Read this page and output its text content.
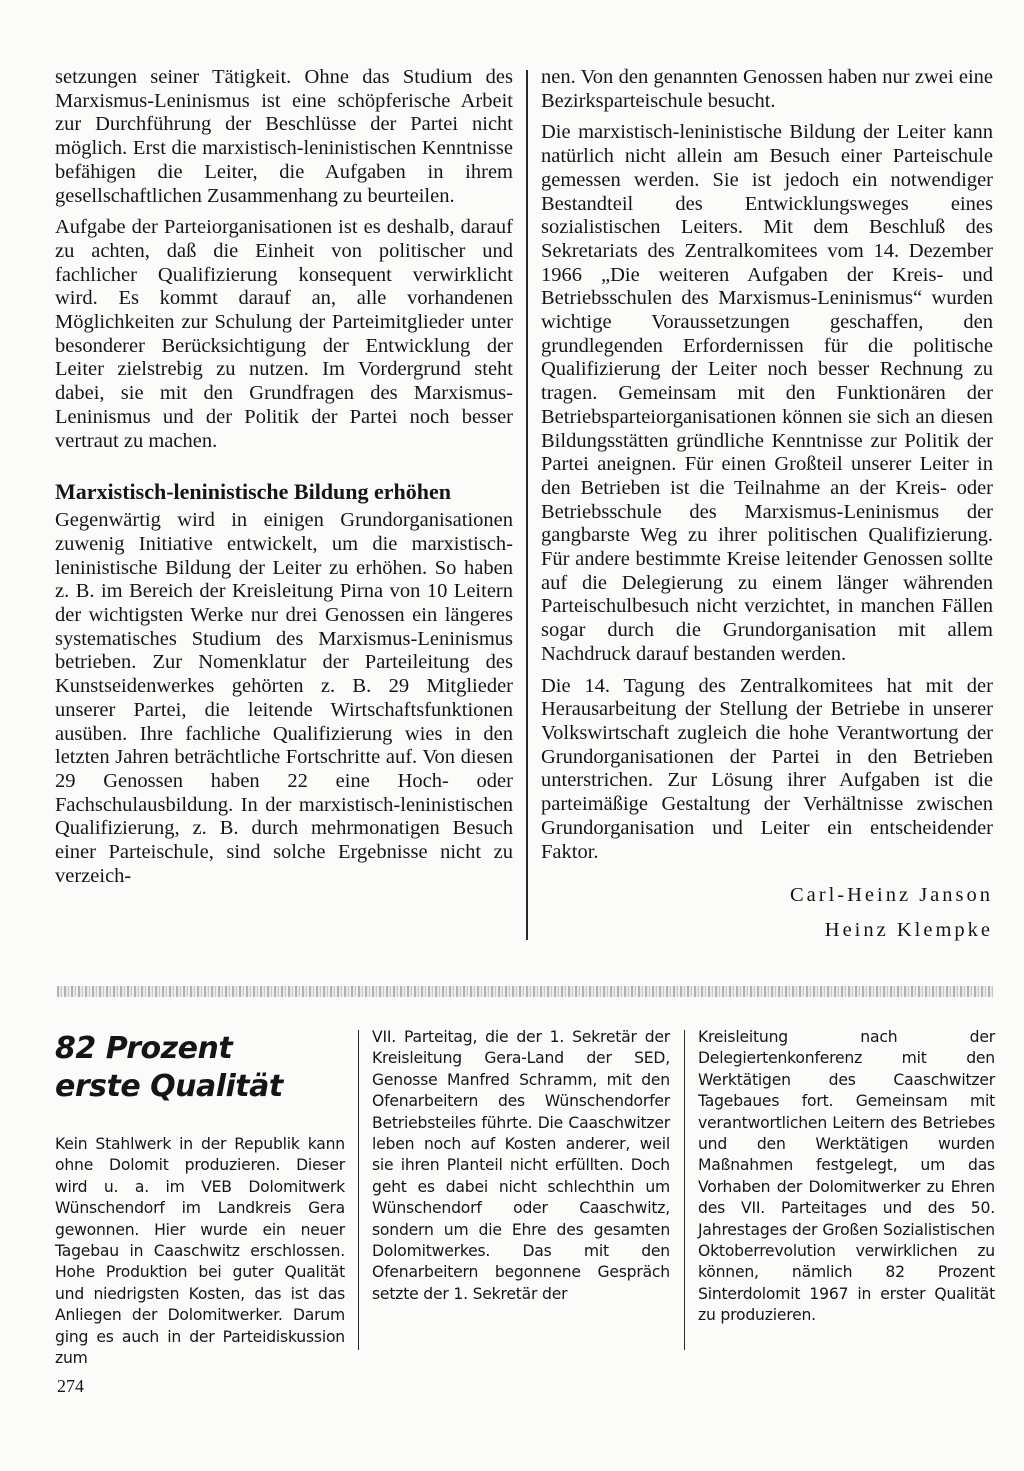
setzungen seiner Tätigkeit. Ohne das Studium des Marxismus-Leninismus ist eine schöpferische Arbeit zur Durchführung der Beschlüsse der Partei nicht möglich. Erst die marxistisch-leninistischen Kenntnisse befähigen die Leiter, die Aufgaben in ihrem gesellschaftlichen Zusammenhang zu beurteilen.

Aufgabe der Parteiorganisationen ist es deshalb, darauf zu achten, daß die Einheit von politischer und fachlicher Qualifizierung konsequent verwirklicht wird. Es kommt darauf an, alle vorhandenen Möglichkeiten zur Schulung der Parteimitglieder unter besonderer Berücksichtigung der Entwicklung der Leiter zielstrebig zu nutzen. Im Vordergrund steht dabei, sie mit den Grundfragen des Marxismus-Leninismus und der Politik der Partei noch besser vertraut zu machen.

Marxistisch-leninistische Bildung erhöhen

Gegenwärtig wird in einigen Grundorganisationen zuwenig Initiative entwickelt, um die marxistisch-leninistische Bildung der Leiter zu erhöhen. So haben z. B. im Bereich der Kreisleitung Pirna von 10 Leitern der wichtigsten Werke nur drei Genossen ein längeres systematisches Studium des Marxismus-Leninismus betrieben. Zur Nomenklatur der Parteileitung des Kunstseidenwerkes gehörten z. B. 29 Mitglieder unserer Partei, die leitende Wirtschaftsfunktionen ausüben. Ihre fachliche Qualifizierung wies in den letzten Jahren beträchtliche Fortschritte auf. Von diesen 29 Genossen haben 22 eine Hoch- oder Fachschulausbildung. In der marxistisch-leninistischen Qualifizierung, z. B. durch mehrmonatigen Besuch einer Parteischule, sind solche Ergebnisse nicht zu verzeich-

nen. Von den genannten Genossen haben nur zwei eine Bezirksparteischule besucht.

Die marxistisch-leninistische Bildung der Leiter kann natürlich nicht allein am Besuch einer Parteischule gemessen werden. Sie ist jedoch ein notwendiger Bestandteil des Entwicklungsweges eines sozialistischen Leiters. Mit dem Beschluß des Sekretariats des Zentralkomitees vom 14. Dezember 1966 „Die weiteren Aufgaben der Kreis- und Betriebsschulen des Marxismus-Leninismus“ wurden wichtige Voraussetzungen geschaffen, den grundlegenden Erfordernissen für die politische Qualifizierung der Leiter noch besser Rechnung zu tragen. Gemeinsam mit den Funktionären der Betriebsparteiorganisationen können sie sich an diesen Bildungsstätten gründliche Kenntnisse zur Politik der Partei aneignen. Für einen Großteil unserer Leiter in den Betrieben ist die Teilnahme an der Kreis- oder Betriebsschule des Marxismus-Leninismus der gangbarste Weg zu ihrer politischen Qualifizierung. Für andere bestimmte Kreise leitender Genossen sollte auf die Delegierung zu einem länger währenden Parteischulbesuch nicht verzichtet, in manchen Fällen sogar durch die Grundorganisation mit allem Nachdruck darauf bestanden werden.

Die 14. Tagung des Zentralkomitees hat mit der Herausarbeitung der Stellung der Betriebe in unserer Volkswirtschaft zugleich die hohe Verantwortung der Grundorganisationen der Partei in den Betrieben unterstrichen. Zur Lösung ihrer Aufgaben ist die parteimäßige Gestaltung der Verhältnisse zwischen Grundorganisation und Leiter ein entscheidender Faktor.

Carl-Heinz Janson

Heinz Klempke

82 Prozent
erste Qualität

Kein Stahlwerk in der Republik kann ohne Dolomit produzieren. Dieser wird u. a. im VEB Dolomitwerk Wünschendorf im Landkreis Gera gewonnen. Hier wurde ein neuer Tagebau in Caaschwitz erschlossen. Hohe Produktion bei guter Qualität und niedrigsten Kosten, das ist das Anliegen der Dolomitwerker. Darum ging es auch in der Parteidiskussion zum

VII. Parteitag, die der 1. Sekretär der Kreisleitung Gera-Land der SED, Genosse Manfred Schramm, mit den Ofenarbeitern des Wünschendorfer Betriebsteiles führte. Die Caaschwitzer leben noch auf Kosten anderer, weil sie ihren Planteil nicht erfüllten. Doch geht es dabei nicht schlechthin um Wünschendorf oder Caaschwitz, sondern um die Ehre des gesamten Dolomitwerkes. Das mit den Ofenarbeitern begonnene Gespräch setzte der 1. Sekretär der

Kreisleitung nach der Delegiertenkonferenz mit den Werktätigen des Caaschwitzer Tagebaues fort. Gemeinsam mit verantwortlichen Leitern des Betriebes und den Werktätigen wurden Maßnahmen festgelegt, um das Vorhaben der Dolomitwerker zu Ehren des VII. Parteitages und des 50. Jahrestages der Großen Sozialistischen Oktoberrevolution verwirklichen zu können, nämlich 82 Prozent Sinterdolomit 1967 in erster Qualität zu produzieren.

274
